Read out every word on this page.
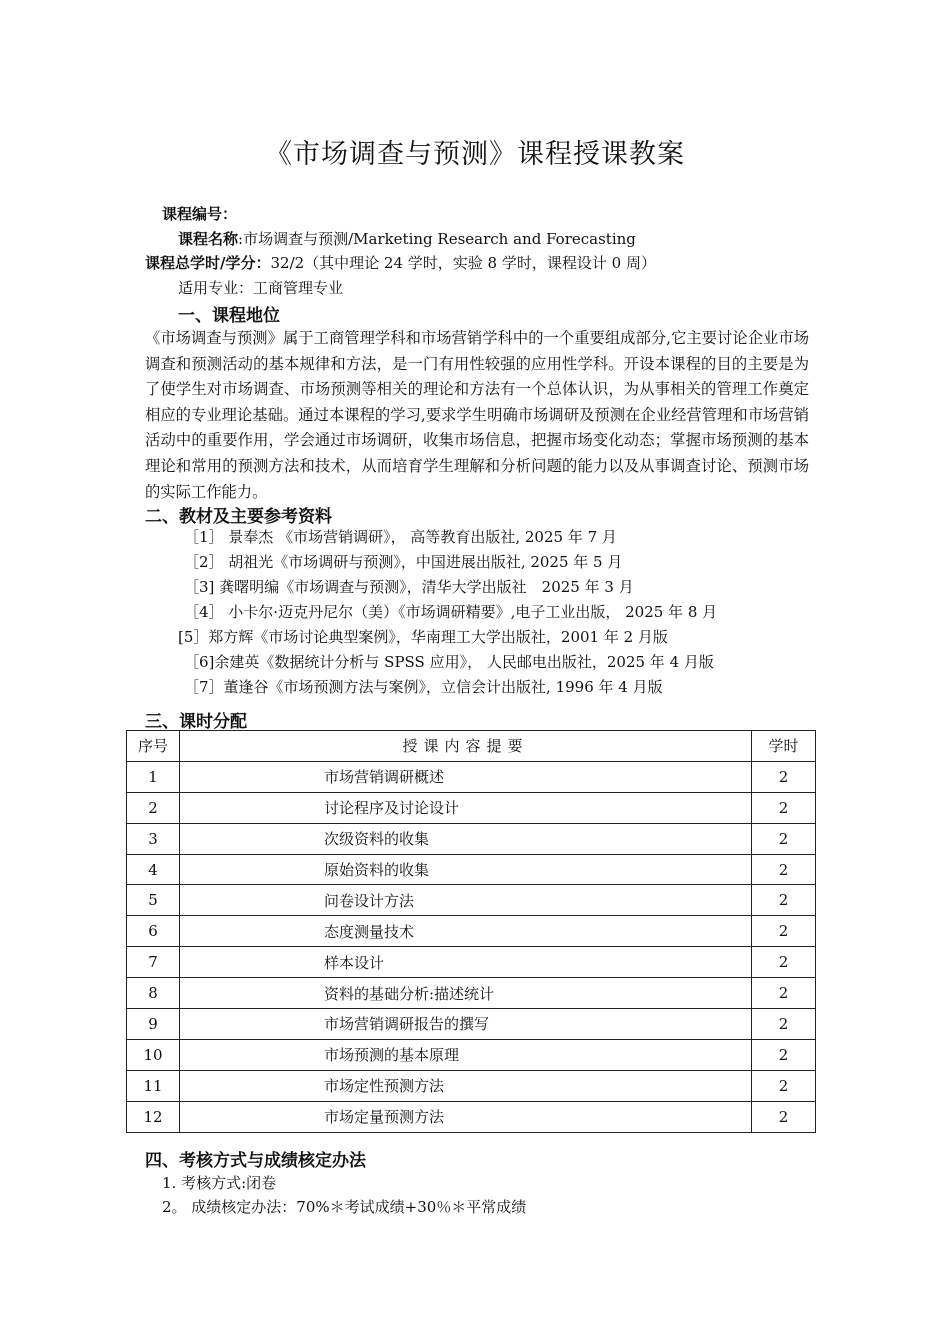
《市场调查与预测》课程授课教案
课程编号：
课程名称:市场调查与预测/Marketing Research and Forecasting
课程总学时/学分：32/2（其中理论 24 学时，实验 8 学时，课程设计 0 周）
适用专业：工商管理专业
一、课程地位
《市场调查与预测》属于工商管理学科和市场营销学科中的一个重要组成部分,它主要讨论企业市场调查和预测活动的基本规律和方法，是一门有用性较强的应用性学科。开设本课程的目的主要是为了使学生对市场调查、市场预测等相关的理论和方法有一个总体认识，为从事相关的管理工作奠定相应的专业理论基础。通过本课程的学习,要求学生明确市场调研及预测在企业经营管理和市场营销活动中的重要作用，学会通过市场调研，收集市场信息，把握市场变化动态；掌握市场预测的基本理论和常用的预测方法和技术，从而培育学生理解和分析问题的能力以及从事调查讨论、预测市场的实际工作能力。
二、教材及主要参考资料
［1］ 景奉杰 《市场营销调研》， 高等教育出版社, 2025 年 7 月
［2］ 胡祖光《市场调研与预测》，中国进展出版社, 2025 年 5 月
［3] 龚曙明编《市场调查与预测》，清华大学出版社　2025 年 3 月
［4］ 小卡尔·迈克丹尼尔（美）《市场调研精要》,电子工业出版， 2025 年 8 月
[5］郑方辉《市场讨论典型案例》，华南理工大学出版社，2001 年 2 月版
［6]余建英《数据统计分析与 SPSS 应用》， 人民邮电出版社，2025 年 4 月版
［7］董逢谷《市场预测方法与案例》，立信会计出版社, 1996 年 4 月版
三、课时分配
序号	授课内容提要	学时
1	市场营销调研概述	2
2	讨论程序及讨论设计	2
3	次级资料的收集	2
4	原始资料的收集	2
5	问卷设计方法	2
6	态度测量技术	2
7	样本设计	2
8	资料的基础分析:描述统计	2
9	市场营销调研报告的撰写	2
10	市场预测的基本原理	2
11	市场定性预测方法	2
12	市场定量预测方法	2
四、考核方式与成绩核定办法
1. 考核方式:闭卷
2。 成绩核定办法：70%＊考试成绩+30％＊平常成绩
